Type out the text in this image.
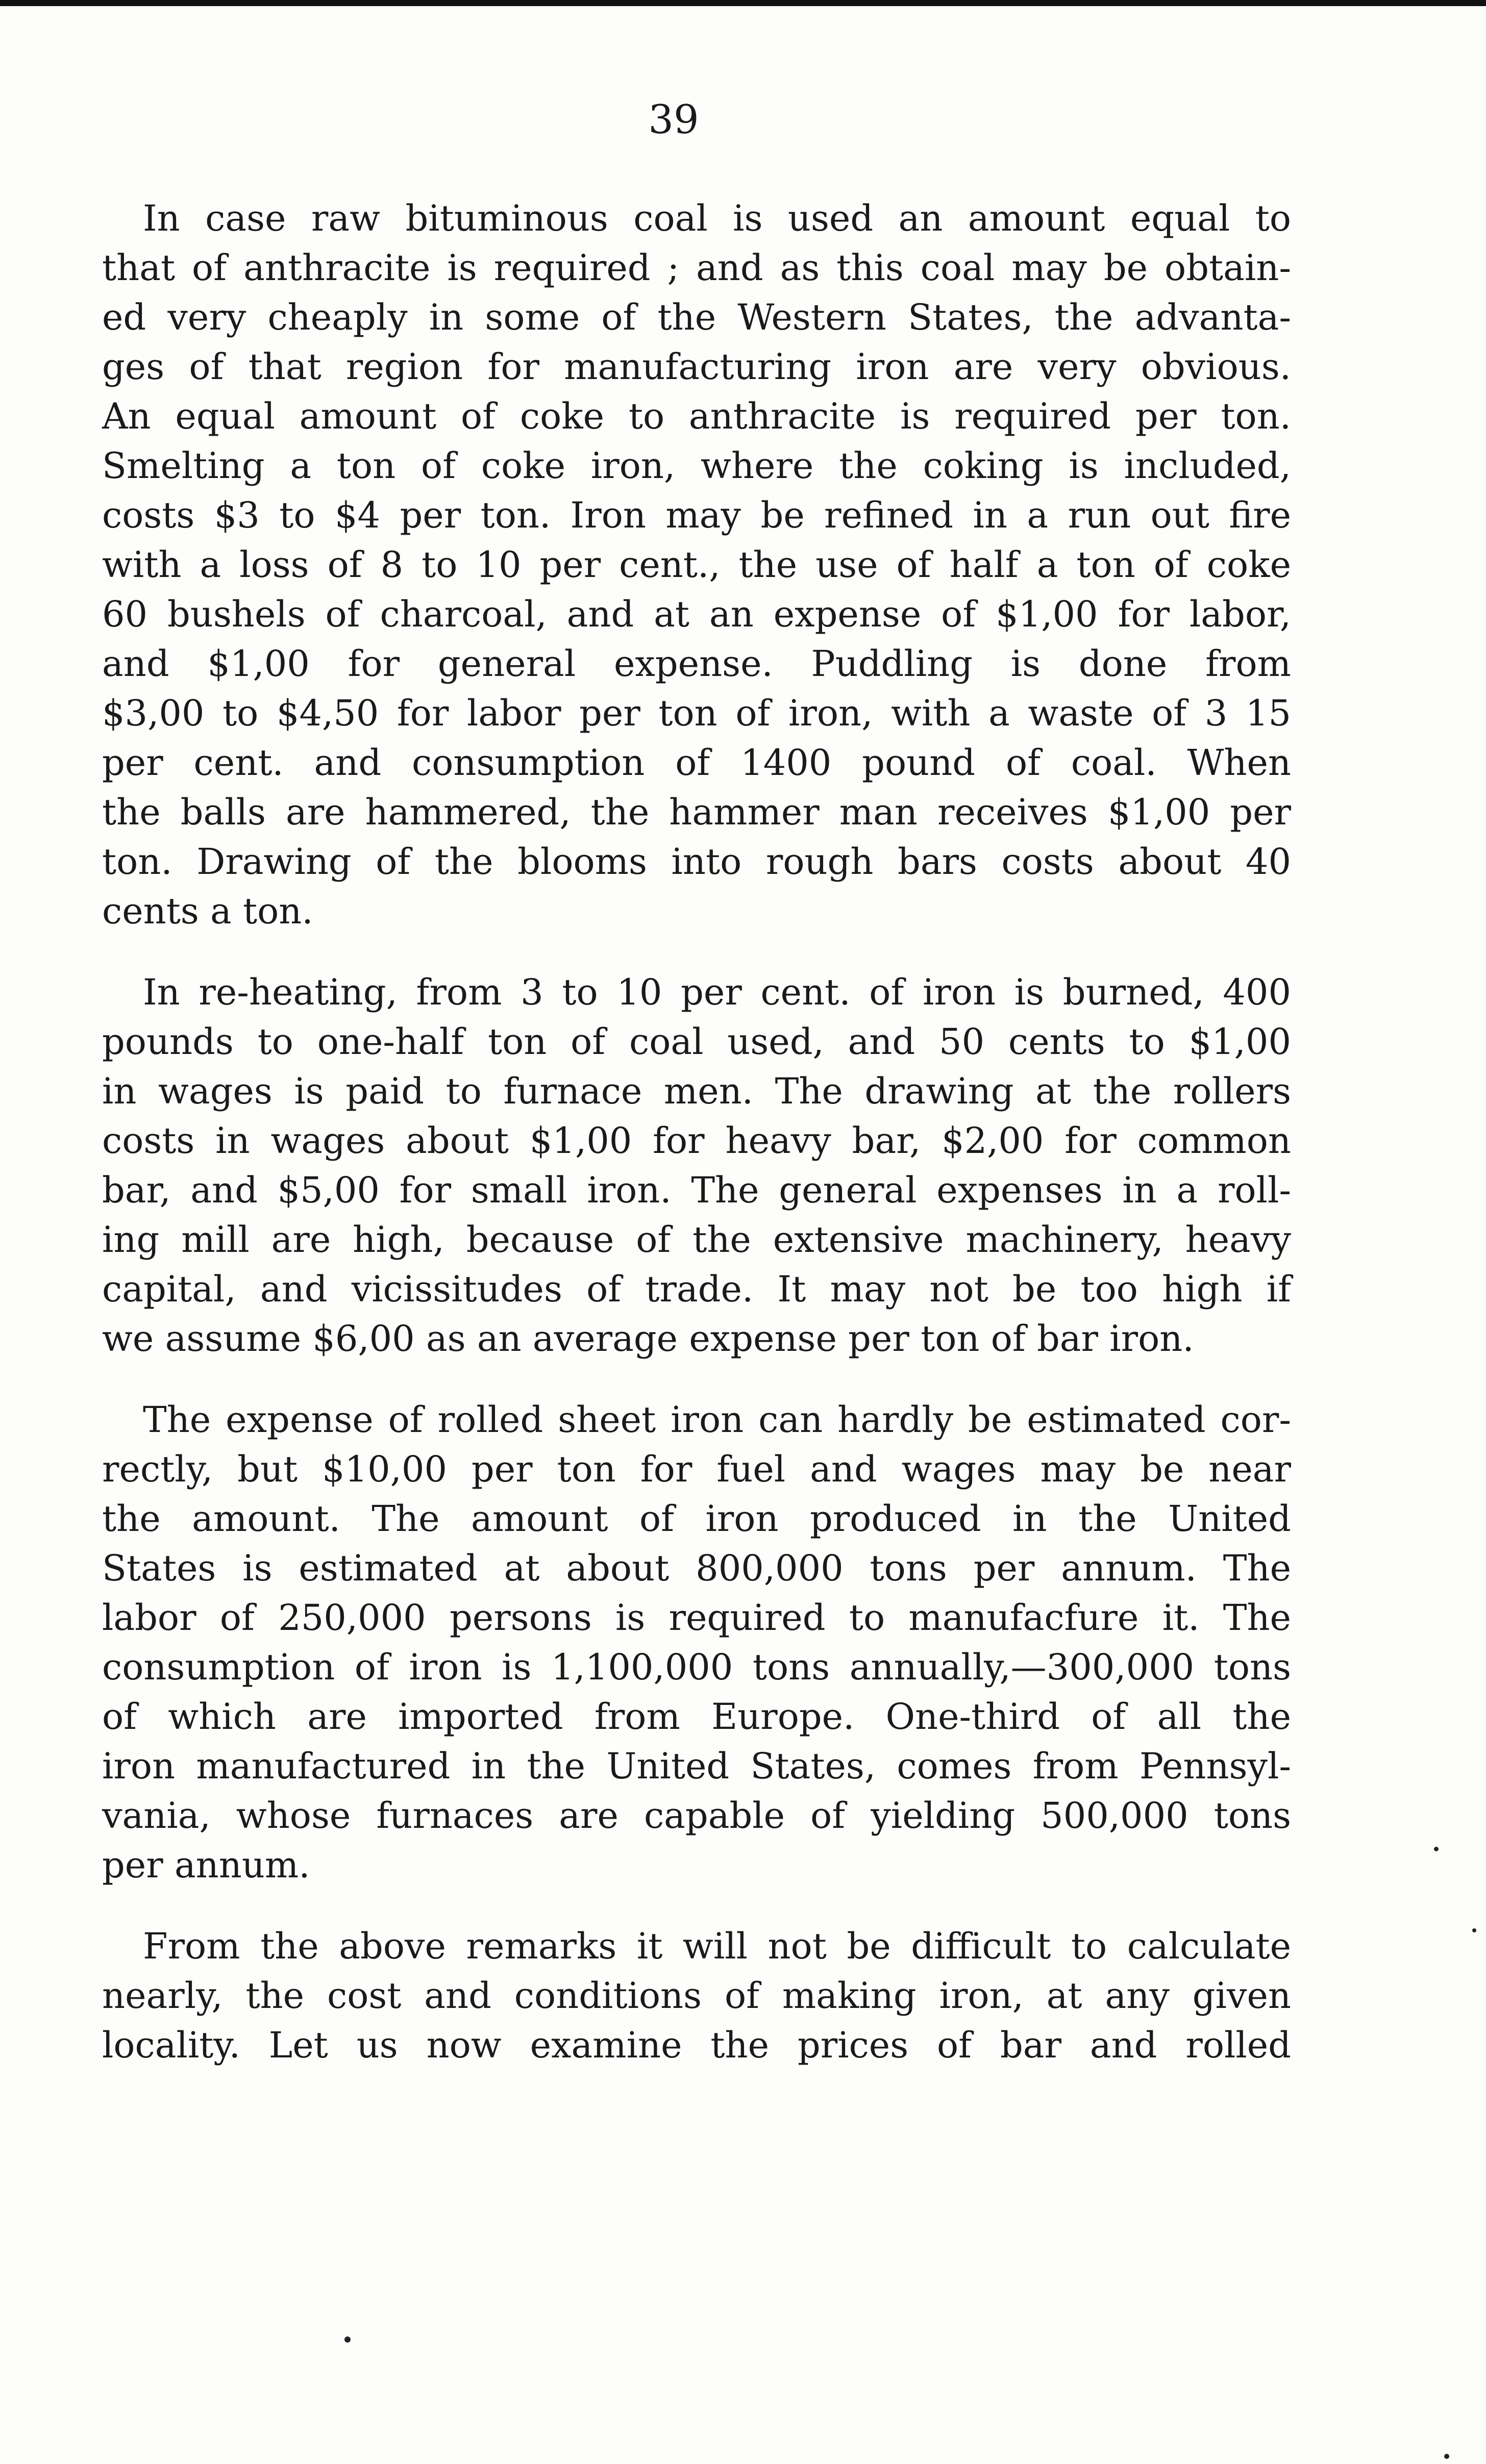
39
In case raw bituminous coal is used an amount equal to
that of anthracite is required ; and as this coal may be obtain-
ed very cheaply in some of the Western States, the advanta-
ges of that region for manufacturing iron are very obvious.
An equal amount of coke to anthracite is required per ton.
Smelting a ton of coke iron, where the coking is included,
costs $3 to $4 per ton. Iron may be refined in a run out fire
with a loss of 8 to 10 per cent., the use of half a ton of coke
60 bushels of charcoal, and at an expense of $1,00 for labor,
and $1,00 for general expense. Puddling is done from
$3,00 to $4,50 for labor per ton of iron, with a waste of 3 15
per cent. and consumption of 1400 pound of coal. When
the balls are hammered, the hammer man receives $1,00 per
ton. Drawing of the blooms into rough bars costs about 40
cents a ton.
In re-heating, from 3 to 10 per cent. of iron is burned, 400
pounds to one-half ton of coal used, and 50 cents to $1,00
in wages is paid to furnace men. The drawing at the rollers
costs in wages about $1,00 for heavy bar, $2,00 for common
bar, and $5,00 for small iron. The general expenses in a roll-
ing mill are high, because of the extensive machinery, heavy
capital, and vicissitudes of trade. It may not be too high if
we assume $6,00 as an average expense per ton of bar iron.
The expense of rolled sheet iron can hardly be estimated cor-
rectly, but $10,00 per ton for fuel and wages may be near
the amount. The amount of iron produced in the United
States is estimated at about 800,000 tons per annum. The
labor of 250,000 persons is required to manufacfure it. The
consumption of iron is 1,100,000 tons annually,—300,000 tons
of which are imported from Europe. One-third of all the
iron manufactured in the United States, comes from Pennsyl-
vania, whose furnaces are capable of yielding 500,000 tons
per annum.
From the above remarks it will not be difficult to calculate
nearly, the cost and conditions of making iron, at any given
locality. Let us now examine the prices of bar and rolled
